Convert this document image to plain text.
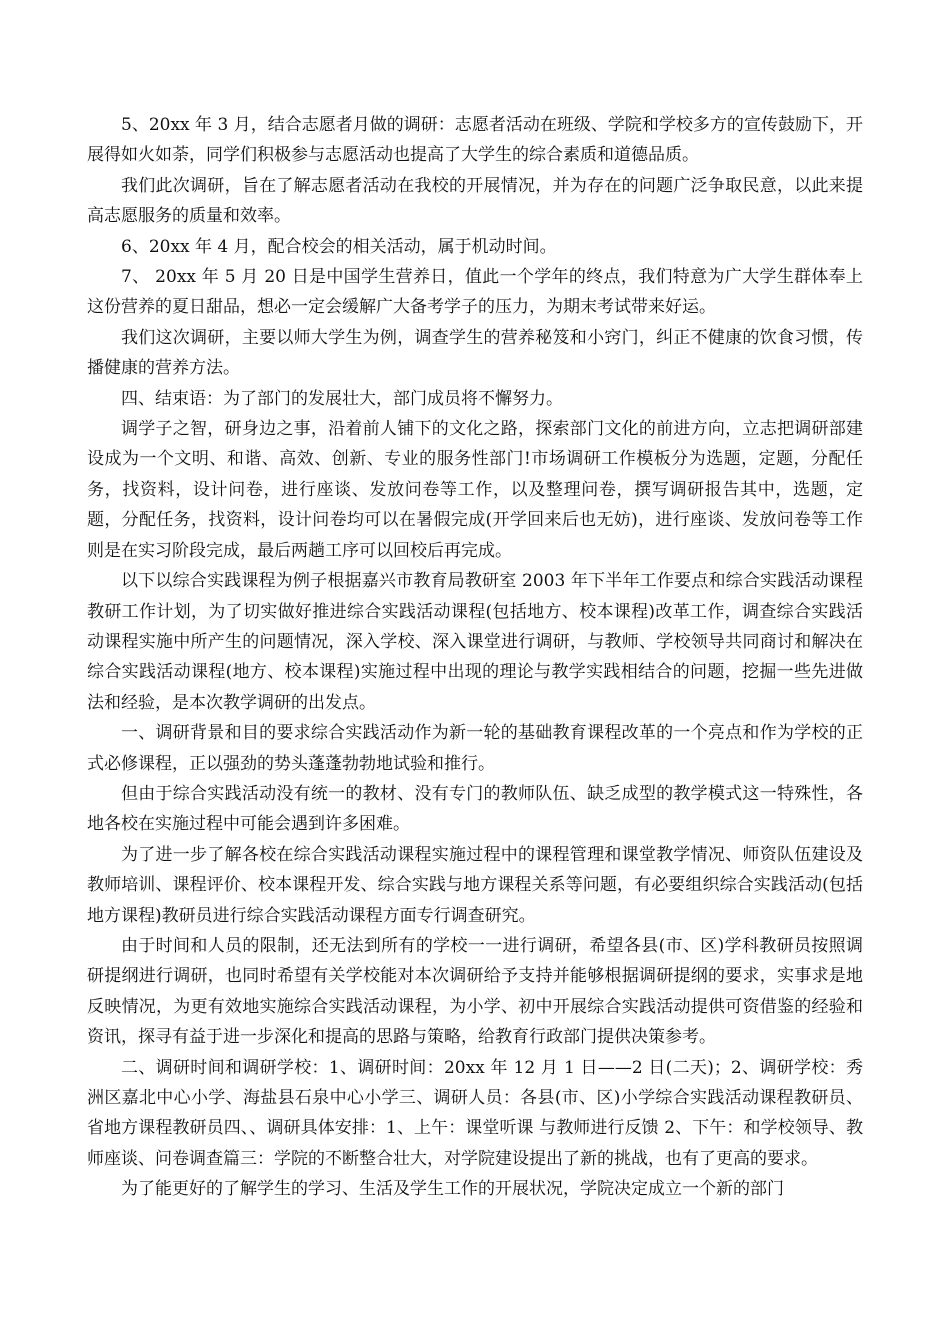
5、20xx 年 3 月，结合志愿者月做的调研：志愿者活动在班级、学院和学校多方的宣传鼓励下，开展得如火如荼，同学们积极参与志愿活动也提高了大学生的综合素质和道德品质。

我们此次调研，旨在了解志愿者活动在我校的开展情况，并为存在的问题广泛争取民意，以此来提高志愿服务的质量和效率。

6、20xx 年 4 月，配合校会的相关活动，属于机动时间。

7、 20xx 年 5 月 20 日是中国学生营养日，值此一个学年的终点，我们特意为广大学生群体奉上这份营养的夏日甜品，想必一定会缓解广大备考学子的压力，为期末考试带来好运。

我们这次调研，主要以师大学生为例，调查学生的营养秘笈和小窍门，纠正不健康的饮食习惯，传播健康的营养方法。

四、结束语：为了部门的发展壮大，部门成员将不懈努力。

调学子之智，研身边之事，沿着前人铺下的文化之路，探索部门文化的前进方向，立志把调研部建设成为一个文明、和谐、高效、创新、专业的服务性部门!市场调研工作模板分为选题，定题，分配任务，找资料，设计问卷，进行座谈、发放问卷等工作，以及整理问卷，撰写调研报告其中，选题，定题，分配任务，找资料，设计问卷均可以在暑假完成(开学回来后也无妨)，进行座谈、发放问卷等工作则是在实习阶段完成，最后两趟工序可以回校后再完成。

以下以综合实践课程为例子根据嘉兴市教育局教研室 2003 年下半年工作要点和综合实践活动课程教研工作计划，为了切实做好推进综合实践活动课程(包括地方、校本课程)改革工作，调查综合实践活动课程实施中所产生的问题情况，深入学校、深入课堂进行调研，与教师、学校领导共同商讨和解决在综合实践活动课程(地方、校本课程)实施过程中出现的理论与教学实践相结合的问题，挖掘一些先进做法和经验，是本次教学调研的出发点。

一、调研背景和目的要求综合实践活动作为新一轮的基础教育课程改革的一个亮点和作为学校的正式必修课程，正以强劲的势头蓬蓬勃勃地试验和推行。

但由于综合实践活动没有统一的教材、没有专门的教师队伍、缺乏成型的教学模式这一特殊性，各地各校在实施过程中可能会遇到许多困难。

为了进一步了解各校在综合实践活动课程实施过程中的课程管理和课堂教学情况、师资队伍建设及教师培训、课程评价、校本课程开发、综合实践与地方课程关系等问题，有必要组织综合实践活动(包括地方课程)教研员进行综合实践活动课程方面专行调查研究。

由于时间和人员的限制，还无法到所有的学校一一进行调研，希望各县(市、区)学科教研员按照调研提纲进行调研，也同时希望有关学校能对本次调研给予支持并能够根据调研提纲的要求，实事求是地反映情况，为更有效地实施综合实践活动课程，为小学、初中开展综合实践活动提供可资借鉴的经验和资讯，探寻有益于进一步深化和提高的思路与策略，给教育行政部门提供决策参考。

二、调研时间和调研学校：1、调研时间：20xx 年 12 月 1 日——2 日(二天)；2、调研学校：秀洲区嘉北中心小学、海盐县石泉中心小学三、调研人员：各县(市、区)小学综合实践活动课程教研员、省地方课程教研员四、、调研具体安排：1、上午：课堂听课 与教师进行反馈 2、下午：和学校领导、教师座谈、问卷调查篇三：学院的不断整合壮大，对学院建设提出了新的挑战，也有了更高的要求。

为了能更好的了解学生的学习、生活及学生工作的开展状况，学院决定成立一个新的部门
